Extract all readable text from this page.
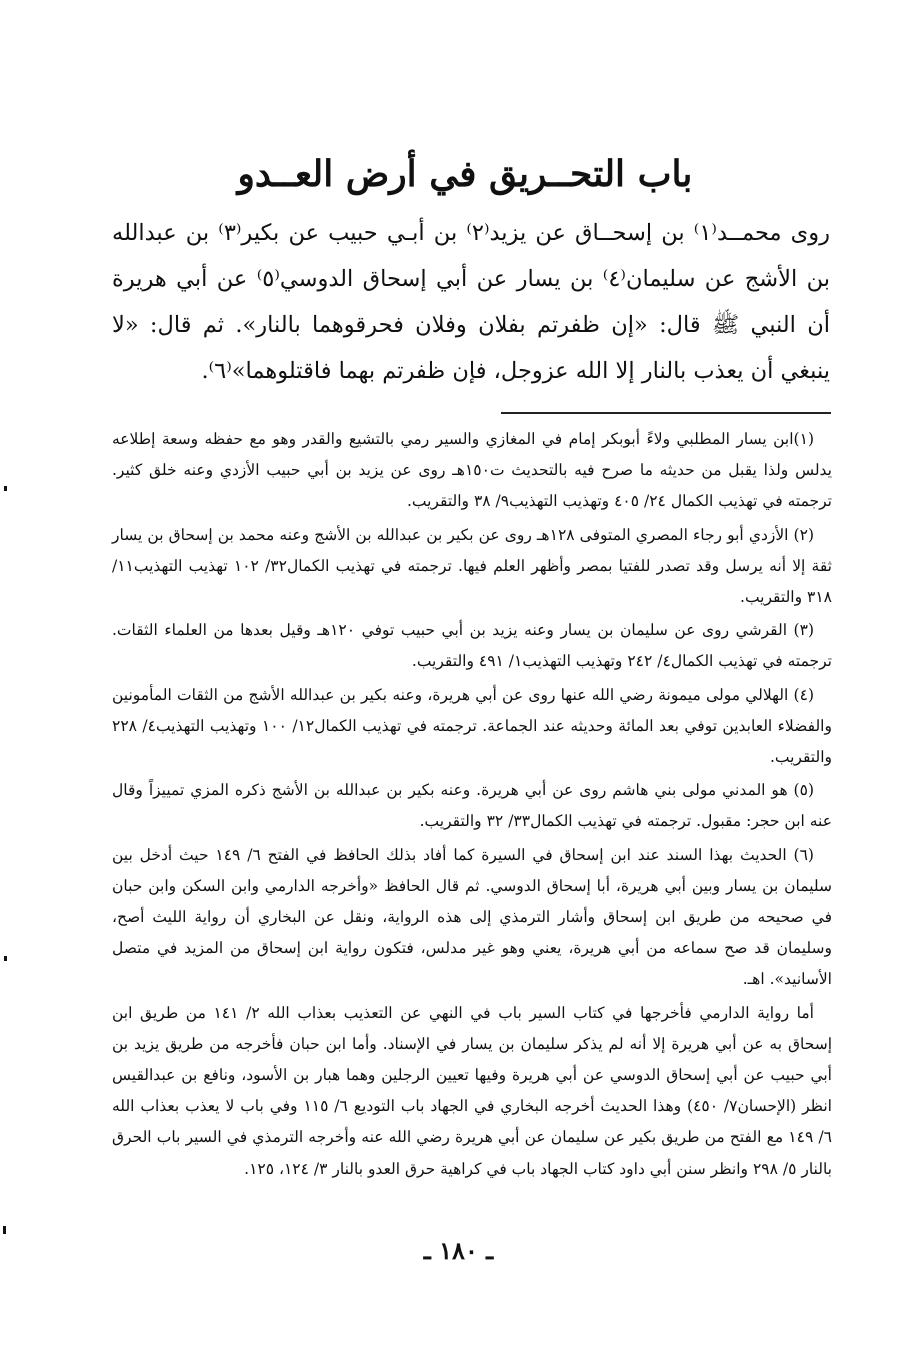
باب التحــريق في أرض العــدو

روى محمــد⁽١⁾ بن إسحــاق عن يزيد⁽٢⁾ بن أبـي حبيب عن بكير⁽٣⁾ بن عبدالله بن الأشج عن سليمان⁽٤⁾ بن يسار عن أبي إسحاق الدوسي⁽٥⁾ عن أبي هريرة أن النبي ﷺ قال: «إن ظفرتم بفلان وفلان فحرقوهما بالنار». ثم قال: «لا ينبغي أن يعذب بالنار إلا الله عزوجل، فإن ظفرتم بهما فاقتلوهما»⁽٦⁾.

(١)ابن يسار المطلبي ولاءً أبوبكر إمام في المغازي والسير رمي بالتشيع والقدر وهو مع حفظه وسعة إطلاعه يدلس ولذا يقبل من حديثه ما صرح فيه بالتحديث ت١٥٠هـ روى عن يزيد بن أبي حبيب الأزدي وعنه خلق كثير. ترجمته في تهذيب الكمال ٢٤/ ٤٠٥ وتهذيب التهذيب٩/ ٣٨ والتقريب.

(٢) الأزدي أبو رجاء المصري المتوفى ١٢٨هـ روى عن بكير بن عبدالله بن الأشج وعنه محمد بن إسحاق بن يسار ثقة إلا أنه يرسل وقد تصدر للفتيا بمصر وأظهر العلم فيها. ترجمته في تهذيب الكمال٣٢/ ١٠٢ تهذيب التهذيب١١/ ٣١٨ والتقريب.

(٣) القرشي روى عن سليمان بن يسار وعنه يزيد بن أبي حبيب توفي ١٢٠هـ وقيل بعدها من العلماء الثقات. ترجمته في تهذيب الكمال٤/ ٢٤٢ وتهذيب التهذيب١/ ٤٩١ والتقريب.

(٤) الهلالي مولى ميمونة رضي الله عنها روى عن أبي هريرة، وعنه بكير بن عبدالله الأشج من الثقات المأمونين والفضلاء العابدين توفي بعد المائة وحديثه عند الجماعة. ترجمته في تهذيب الكمال١٢/ ١٠٠ وتهذيب التهذيب٤/ ٢٢٨ والتقريب.

(٥) هو المدني مولى بني هاشم روى عن أبي هريرة. وعنه بكير بن عبدالله بن الأشج ذكره المزي تمييزاً وقال عنه ابن حجر: مقبول. ترجمته في تهذيب الكمال٣٣/ ٣٢ والتقريب.

(٦) الحديث بهذا السند عند ابن إسحاق في السيرة كما أفاد بذلك الحافظ في الفتح ٦/ ١٤٩ حيث أدخل بين سليمان بن يسار وبين أبي هريرة، أبا إسحاق الدوسي. ثم قال الحافظ «وأخرجه الدارمي وابن السكن وابن حبان في صحيحه من طريق ابن إسحاق وأشار الترمذي إلى هذه الرواية، ونقل عن البخاري أن رواية الليث أصح، وسليمان قد صح سماعه من أبي هريرة، يعني وهو غير مدلس، فتكون رواية ابن إسحاق من المزيد في متصل الأسانيد». اهـ.

أما رواية الدارمي فأخرجها في كتاب السير باب في النهي عن التعذيب بعذاب الله ٢/ ١٤١ من طريق ابن إسحاق به عن أبي هريرة إلا أنه لم يذكر سليمان بن يسار في الإسناد. وأما ابن حبان فأخرجه من طريق يزيد بن أبي حبيب عن أبي إسحاق الدوسي عن أبي هريرة وفيها تعيين الرجلين وهما هبار بن الأسود، ونافع بن عبدالقيس انظر (الإحسان٧/ ٤٥٠) وهذا الحديث أخرجه البخاري في الجهاد باب التوديع ٦/ ١١٥ وفي باب لا يعذب بعذاب الله ٦/ ١٤٩ مع الفتح من طريق بكير عن سليمان عن أبي هريرة رضي الله عنه وأخرجه الترمذي في السير باب الحرق بالنار ٥/ ٢٩٨ وانظر سنن أبي داود كتاب الجهاد باب في كراهية حرق العدو بالنار ٣/ ١٢٤، ١٢٥.

ـ ١٨٠ ـ
